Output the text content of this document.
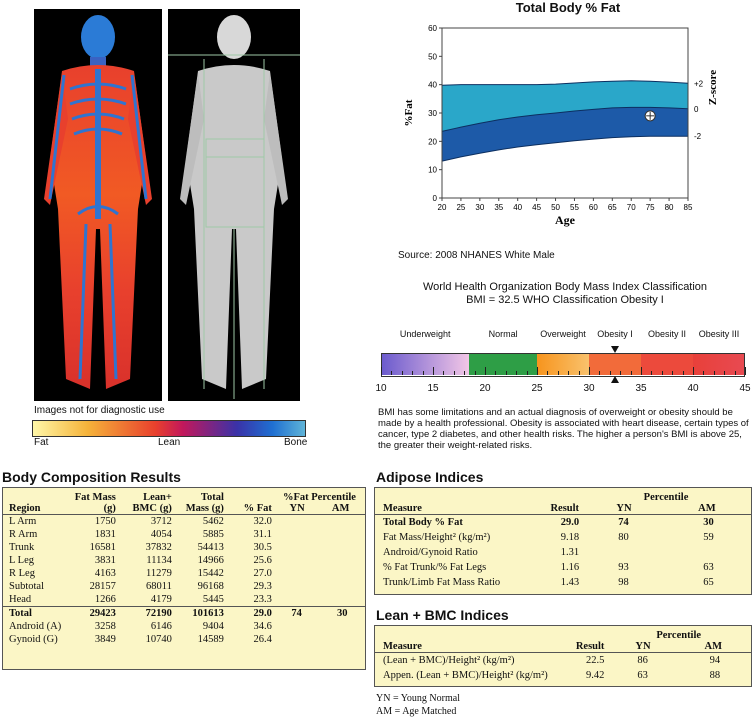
Images not for diagnostic use
Fat	Lean	Bone
Total Body % Fat
0
10
20
30
40
50
60
20 25 30 35 40 45 50 55 60 65 70 75 80 85
%Fat
Age
+2
0
-2
Z-score
Source: 2008 NHANES White Male
World Health Organization Body Mass Index Classification
BMI = 32.5 WHO Classification Obesity I
Underweight	Normal	Overweight	Obesity I	Obesity II	Obesity III
10	15	20	25	30	35	40	45
BMI has some limitations and an actual diagnosis of overweight or obesity should be made by a health professional. Obesity is associated with heart disease, certain types of cancer, type 2 diabetes, and other health risks. The higher a person's BMI is above 25, the greater their weight-related risks.
Body Composition Results
Region	Fat Mass (g)	Lean+ BMC (g)	Total Mass (g)	% Fat	%Fat Percentile
YN AM	

L Arm	1750	3712	5462	32.0		
R Arm	1831	4054	5885	31.1		
Trunk	16581	37832	54413	30.5		
L Leg	3831	11134	14966	25.6		
R Leg	4163	11279	15442	27.0		
Subtotal	28157	68011	96168	29.3		
Head	1266	4179	5445	23.3		
Total	29423	72190	101613	29.0	74	30
Android (A)	3258	6146	9404	34.6		
Gynoid (G)	3849	10740	14589	26.4		
Adipose Indices
Measure	Result	Percentile
YN AM	

Total Body % Fat	29.0	74	30
Fat Mass/Height² (kg/m²)	9.18	80	59
Android/Gynoid Ratio	1.31		
% Fat Trunk/% Fat Legs	1.16	93	63
Trunk/Limb Fat Mass Ratio	1.43	98	65
Lean + BMC Indices
Measure	Result	Percentile
YN AM	

(Lean + BMC)/Height² (kg/m²)	22.5	86	94
Appen. (Lean + BMC)/Height² (kg/m²)	9.42	63	88
YN = Young Normal
AM = Age Matched
